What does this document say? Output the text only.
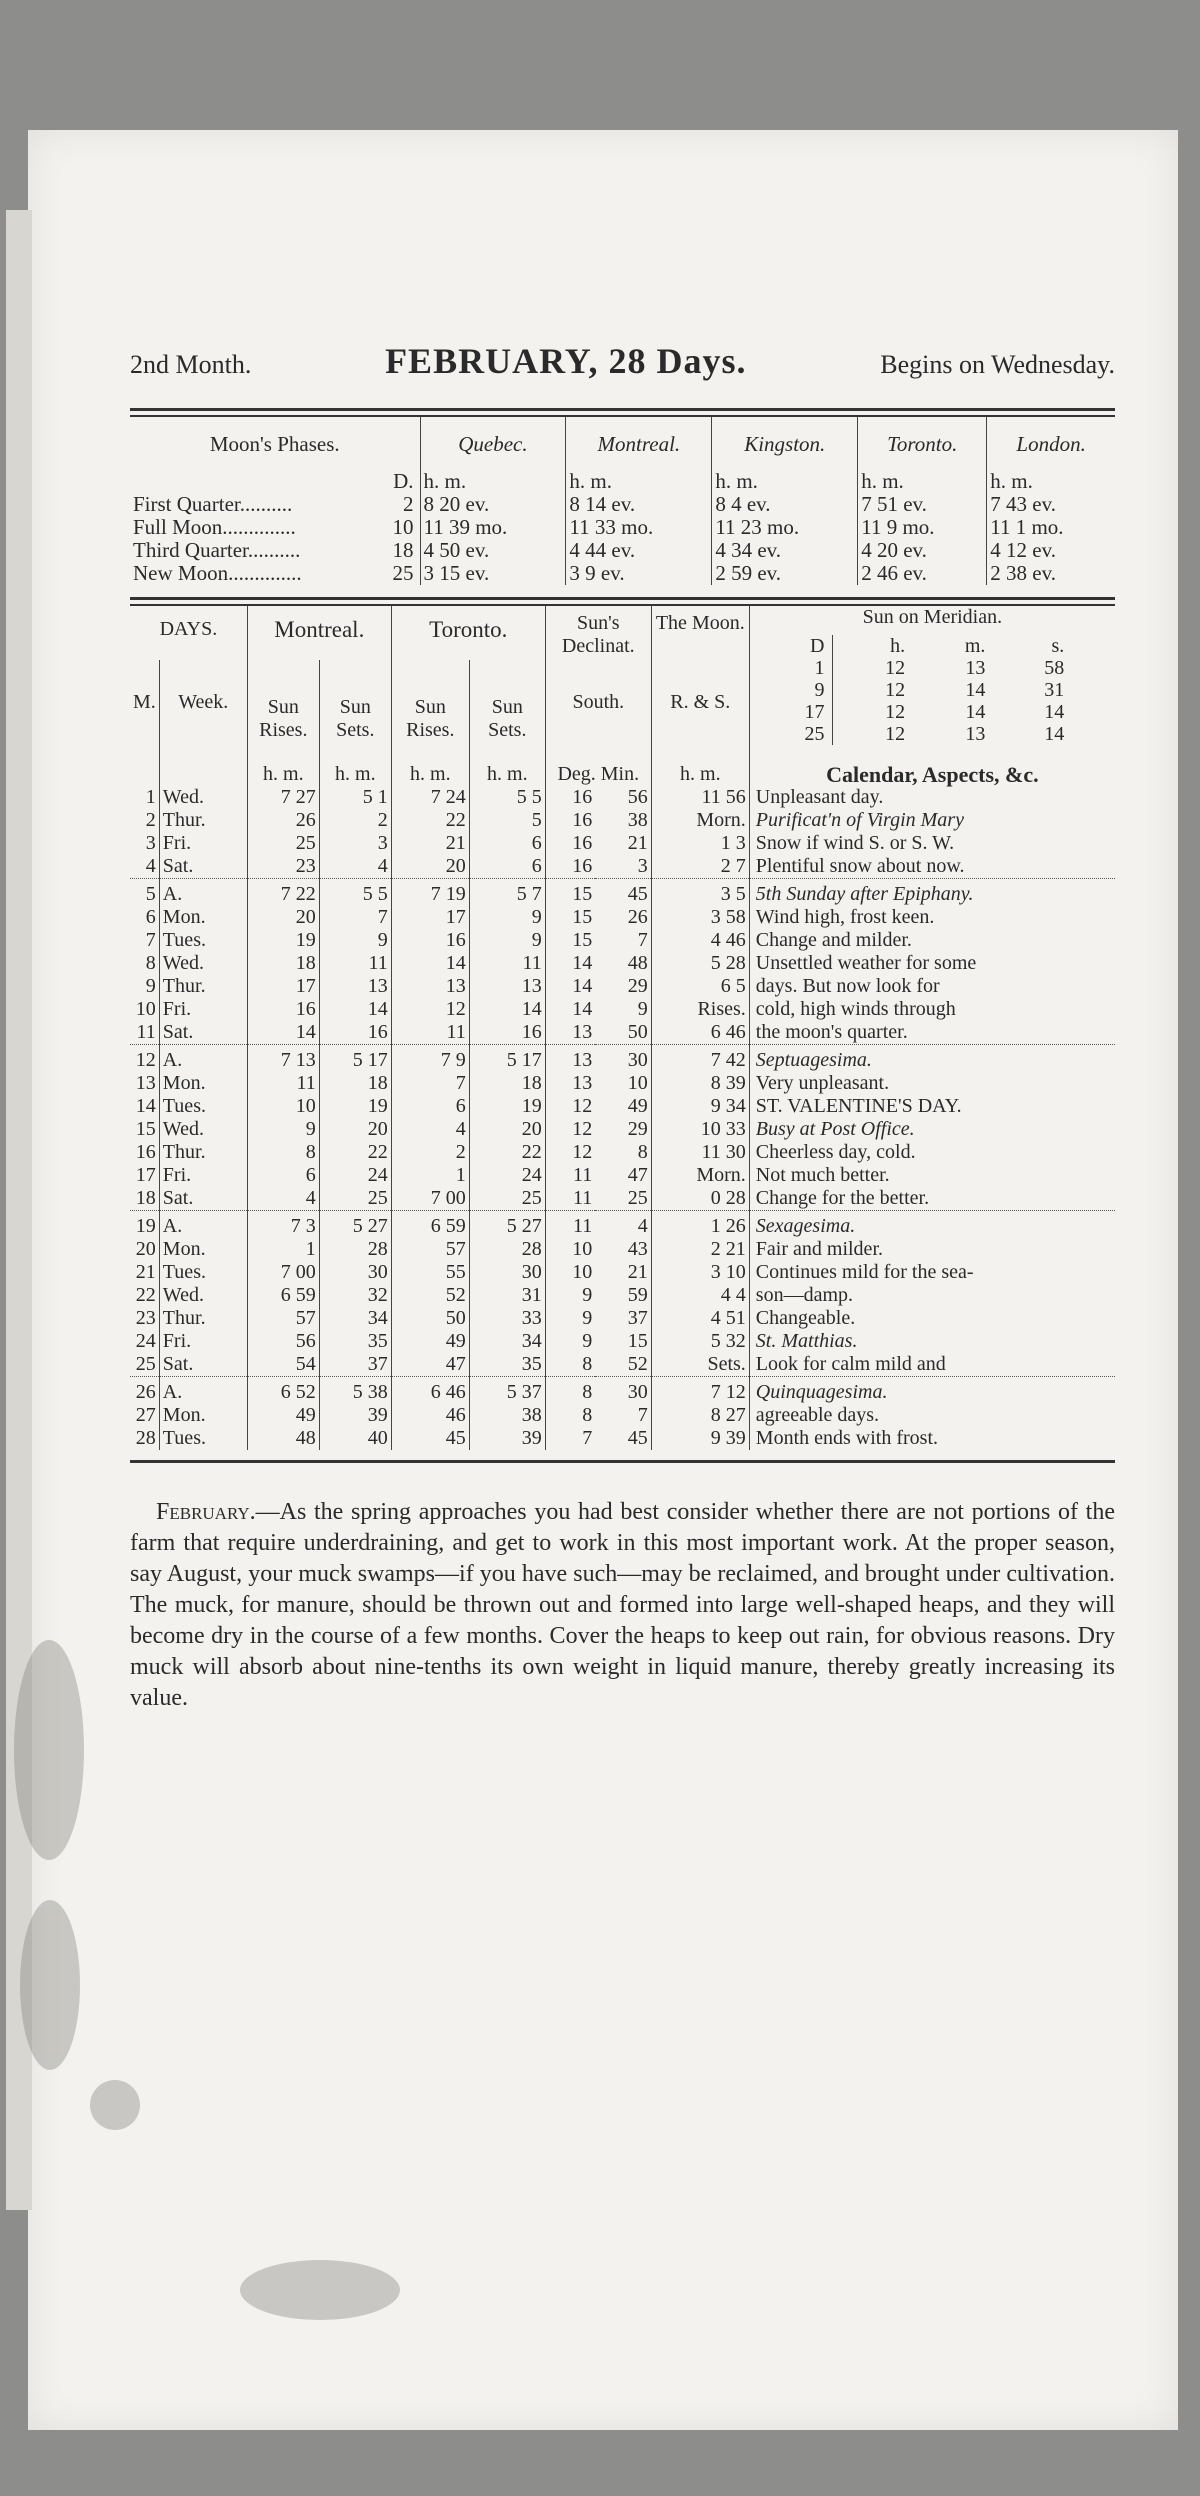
2nd Month.	FEBRUARY, 28 Days.	Begins on Wednesday.
Moon's Phases.		Quebec.	Montreal.	Kingston.	Toronto.	London.
	D.	h. m.	h. m.	h. m.	h. m.	h. m.
First Quarter..........	2	8 20 ev.	8 14 ev.	8 4 ev.	7 51 ev.	7 43 ev.
Full Moon..............	10	11 39 mo.	11 33 mo.	11 23 mo.	11 9 mo.	11 1 mo.
Third Quarter..........	18	4 50 ev.	4 44 ev.	4 34 ev.	4 20 ev.	4 12 ev.
New Moon..............	25	3 15 ev.	3 9 ev.	2 59 ev.	2 46 ev.	2 38 ev.
DAYS.	Montreal.	Toronto.	Sun's Declinat.	The Moon.	Sun on Meridian.
D	h.	m.	s.
1	12	13	58
9	12	14	31
17	12	14	14
25	12	13	14

M.	Week.	Sun Rises.	Sun Sets.	Sun Rises.	Sun Sets.	South.	R. & S.

		h. m.	h. m.	h. m.	h. m.	Deg. Min.	h. m.	Calendar, Aspects, &c.
1	Wed.	7 27	5 1	7 24	5 5	16	56	11 56	Unpleasant day.
2	Thur.	26	2	22	5	16	38	Morn.	Purificat'n of Virgin Mary
3	Fri.	25	3	21	6	16	21	1 3	Snow if wind S. or S. W.
4	Sat.	23	4	20	6	16	3	2 7	Plentiful snow about now.
5	A.	7 22	5 5	7 19	5 7	15	45	3 5	5th Sunday after Epiphany.
6	Mon.	20	7	17	9	15	26	3 58	Wind high, frost keen.
7	Tues.	19	9	16	9	15	7	4 46	Change and milder.
8	Wed.	18	11	14	11	14	48	5 28	Unsettled weather for some
9	Thur.	17	13	13	13	14	29	6 5	days. But now look for
10	Fri.	16	14	12	14	14	9	Rises.	cold, high winds through
11	Sat.	14	16	11	16	13	50	6 46	the moon's quarter.
12	A.	7 13	5 17	7 9	5 17	13	30	7 42	Septuagesima.
13	Mon.	11	18	7	18	13	10	8 39	Very unpleasant.
14	Tues.	10	19	6	19	12	49	9 34	ST. VALENTINE'S DAY.
15	Wed.	9	20	4	20	12	29	10 33	Busy at Post Office.
16	Thur.	8	22	2	22	12	8	11 30	Cheerless day, cold.
17	Fri.	6	24	1	24	11	47	Morn.	Not much better.
18	Sat.	4	25	7 00	25	11	25	0 28	Change for the better.
19	A.	7 3	5 27	6 59	5 27	11	4	1 26	Sexagesima.
20	Mon.	1	28	57	28	10	43	2 21	Fair and milder.
21	Tues.	7 00	30	55	30	10	21	3 10	Continues mild for the sea-
22	Wed.	6 59	32	52	31	9	59	4 4	son—damp.
23	Thur.	57	34	50	33	9	37	4 51	Changeable.
24	Fri.	56	35	49	34	9	15	5 32	St. Matthias.
25	Sat.	54	37	47	35	8	52	Sets.	Look for calm mild and
26	A.	6 52	5 38	6 46	5 37	8	30	7 12	Quinquagesima.
27	Mon.	49	39	46	38	8	7	8 27	agreeable days.
28	Tues.	48	40	45	39	7	45	9 39	Month ends with frost.

February.—As the spring approaches you had best consider whether there are not portions of the farm that require underdraining, and get to work in this most important work. At the proper season, say August, your muck swamps—if you have such—may be reclaimed, and brought under cultivation. The muck, for manure, should be thrown out and formed into large well-shaped heaps, and they will become dry in the course of a few months. Cover the heaps to keep out rain, for obvious reasons. Dry muck will absorb about nine-tenths its own weight in liquid manure, thereby greatly increasing its value.
